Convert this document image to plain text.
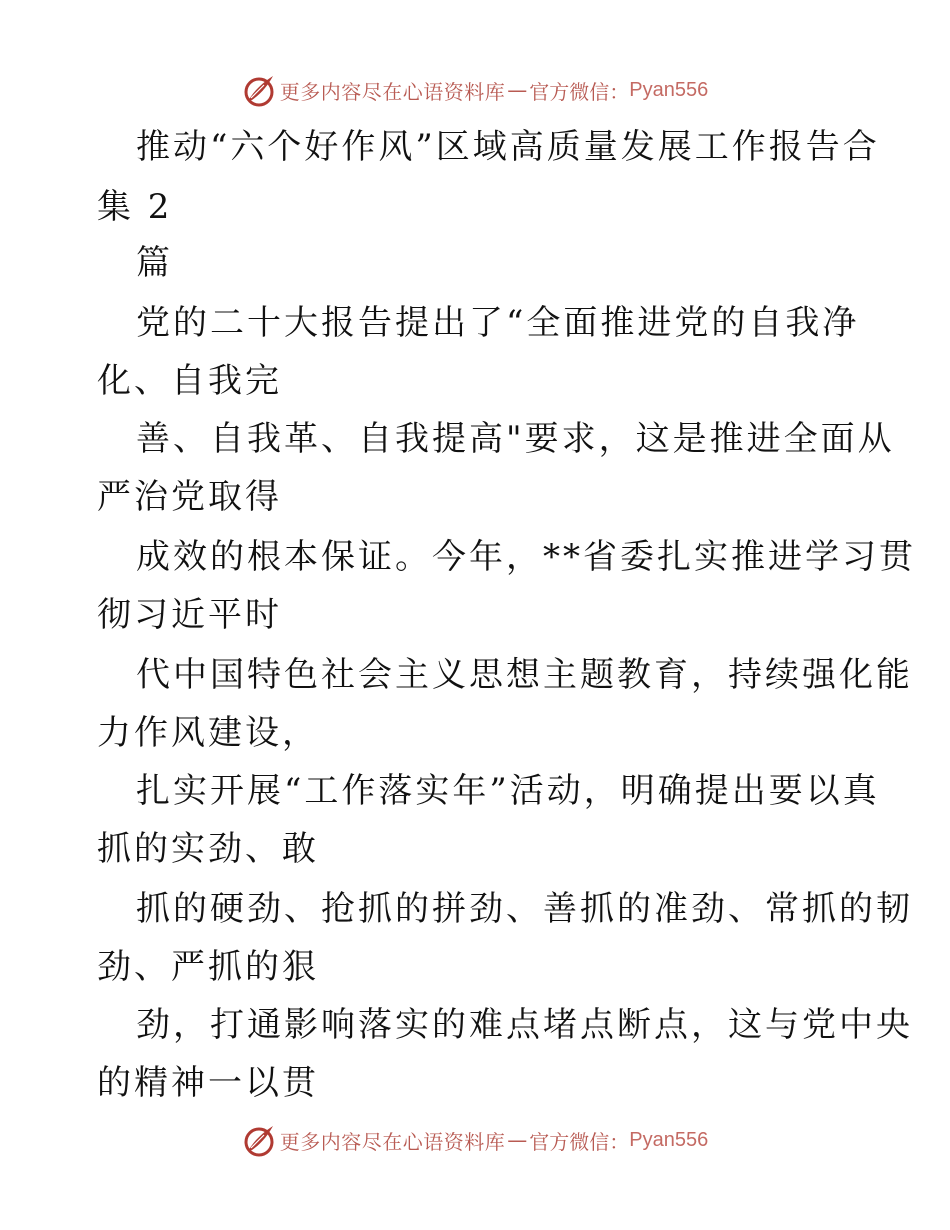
更多内容尽在心语资料库 — 官方微信： Pyan556
推动“六个好作风”区域高质量发展工作报告合
集 2
篇
党的二十大报告提出了“全面推进党的自我净
化、自我完
善、自我革、自我提高"要求，这是推进全面从
严治党取得
成效的根本保证。今年，**省委扎实推进学习贯
彻习近平时
代中国特色社会主义思想主题教育，持续强化能
力作风建设，
扎实开展“工作落实年”活动，明确提出要以真
抓的实劲、敢
抓的硬劲、抢抓的拼劲、善抓的准劲、常抓的韧
劲、严抓的狠
劲，打通影响落实的难点堵点断点，这与党中央
的精神一以贯
更多内容尽在心语资料库 — 官方微信： Pyan556
